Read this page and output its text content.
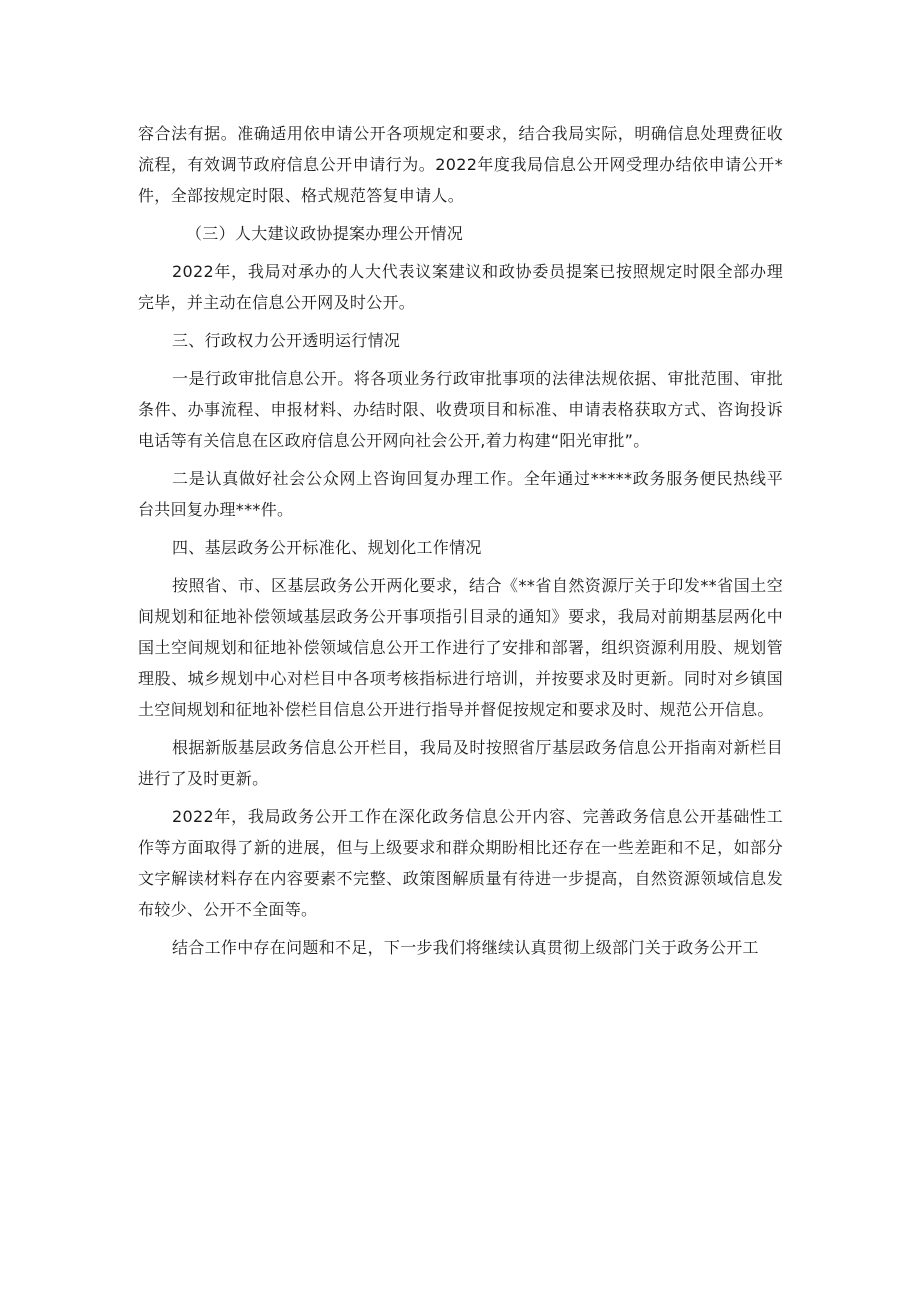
容合法有据。准确适用依申请公开各项规定和要求，结合我局实际，明确信息处理费征收流程，有效调节政府信息公开申请行为。2022年度我局信息公开网受理办结依申请公开*件，全部按规定时限、格式规范答复申请人。

（三）人大建议政协提案办理公开情况

2022年，我局对承办的人大代表议案建议和政协委员提案已按照规定时限全部办理完毕，并主动在信息公开网及时公开。

三、行政权力公开透明运行情况

一是行政审批信息公开。将各项业务行政审批事项的法律法规依据、审批范围、审批条件、办事流程、申报材料、办结时限、收费项目和标准、申请表格获取方式、咨询投诉电话等有关信息在区政府信息公开网向社会公开,着力构建“阳光审批”。

二是认真做好社会公众网上咨询回复办理工作。全年通过*****政务服务便民热线平台共回复办理***件。

四、基层政务公开标准化、规划化工作情况

按照省、市、区基层政务公开两化要求，结合《**省自然资源厅关于印发**省国土空间规划和征地补偿领域基层政务公开事项指引目录的通知》要求，我局对前期基层两化中国土空间规划和征地补偿领域信息公开工作进行了安排和部署，组织资源利用股、规划管理股、城乡规划中心对栏目中各项考核指标进行培训，并按要求及时更新。同时对乡镇国土空间规划和征地补偿栏目信息公开进行指导并督促按规定和要求及时、规范公开信息。

根据新版基层政务信息公开栏目，我局及时按照省厅基层政务信息公开指南对新栏目进行了及时更新。

2022年，我局政务公开工作在深化政务信息公开内容、完善政务信息公开基础性工作等方面取得了新的进展，但与上级要求和群众期盼相比还存在一些差距和不足，如部分文字解读材料存在内容要素不完整、政策图解质量有待进一步提高，自然资源领域信息发布较少、公开不全面等。

结合工作中存在问题和不足，下一步我们将继续认真贯彻上级部门关于政务公开工
